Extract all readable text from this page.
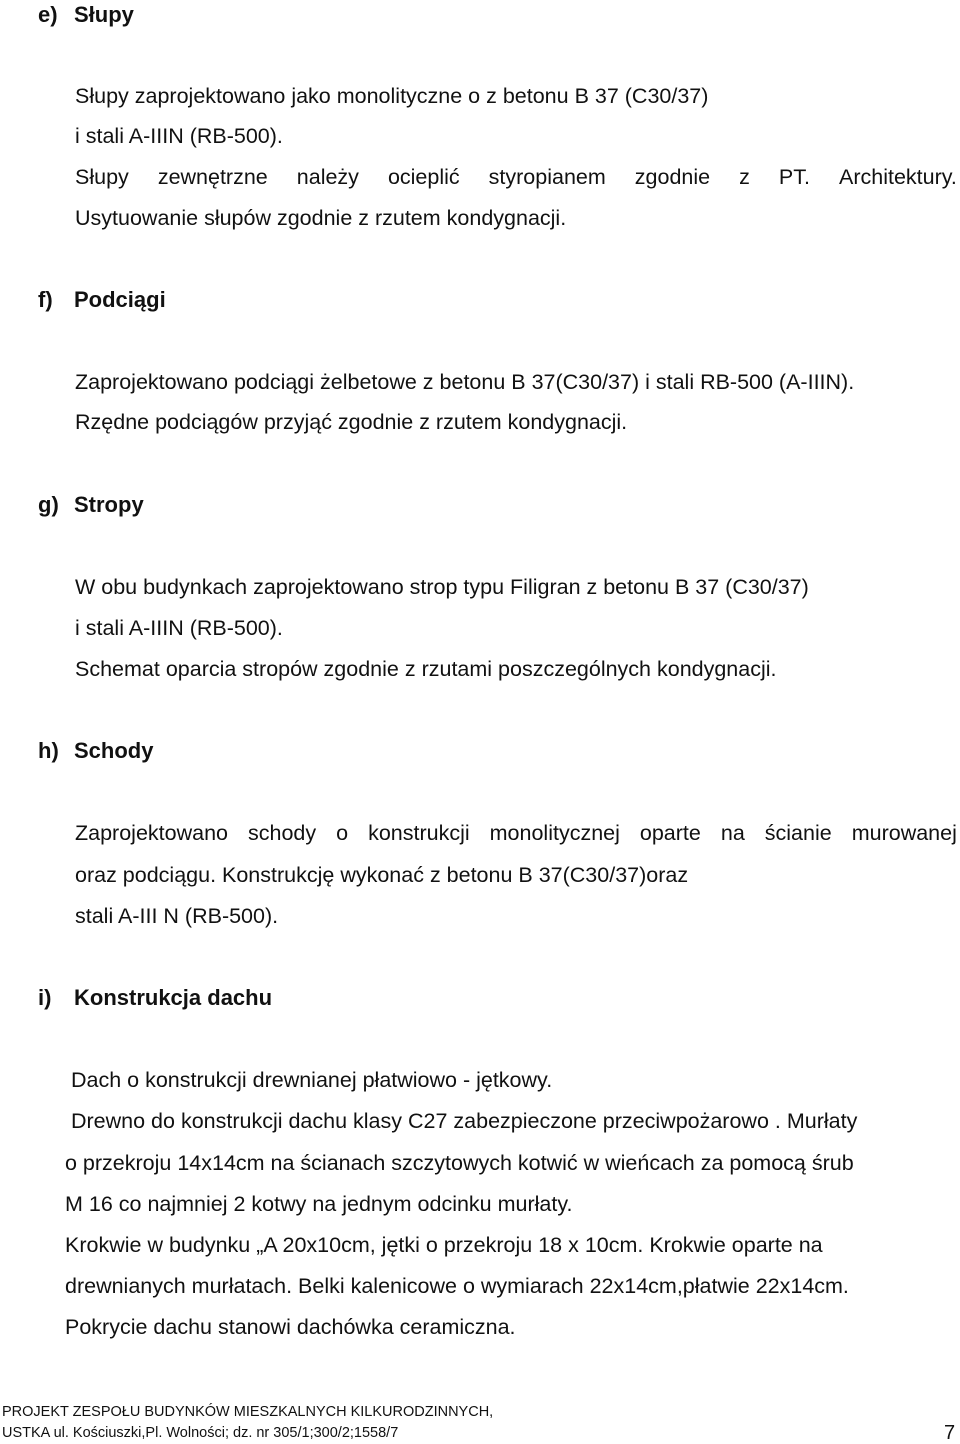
e) Słupy
Słupy zaprojektowano jako monolityczne o z betonu B 37 (C30/37)
i stali A-IIIN (RB-500).
Słupy zewnętrzne należy ocieplić styropianem zgodnie z PT. Architektury.
Usytuowanie słupów zgodnie z rzutem kondygnacji.
f) Podciągi
Zaprojektowano podciągi żelbetowe z betonu B 37(C30/37) i stali RB-500 (A-IIIN).
Rzędne podciągów przyjąć zgodnie z rzutem kondygnacji.
g) Stropy
W obu budynkach zaprojektowano strop typu Filigran z betonu B 37 (C30/37)
i stali A-IIIN (RB-500).
Schemat oparcia stropów zgodnie z rzutami poszczególnych kondygnacji.
h) Schody
Zaprojektowano schody o konstrukcji monolitycznej oparte na ścianie murowanej
oraz podciągu. Konstrukcję wykonać z betonu B 37(C30/37)oraz
stali A-III N (RB-500).
i) Konstrukcja dachu
Dach o konstrukcji drewnianej płatwiowo - jętkowy.
Drewno do konstrukcji dachu klasy C27 zabezpieczone przeciwpożarowo . Murłaty
o przekroju 14x14cm na ścianach szczytowych kotwić w wieńcach za pomocą śrub
M 16 co najmniej 2 kotwy na jednym odcinku murłaty.
Krokwie w budynku „A 20x10cm, jętki o przekroju 18 x 10cm. Krokwie oparte na
drewnianych murłatach. Belki kalenicowe o wymiarach 22x14cm,płatwie 22x14cm.
Pokrycie dachu stanowi dachówka ceramiczna.
PROJEKT ZESPOŁU BUDYNKÓW MIESZKALNYCH KILKURODZINNYCH,
USTKA ul. Kościuszki,Pl. Wolności; dz. nr 305/1;300/2;1558/7	7
